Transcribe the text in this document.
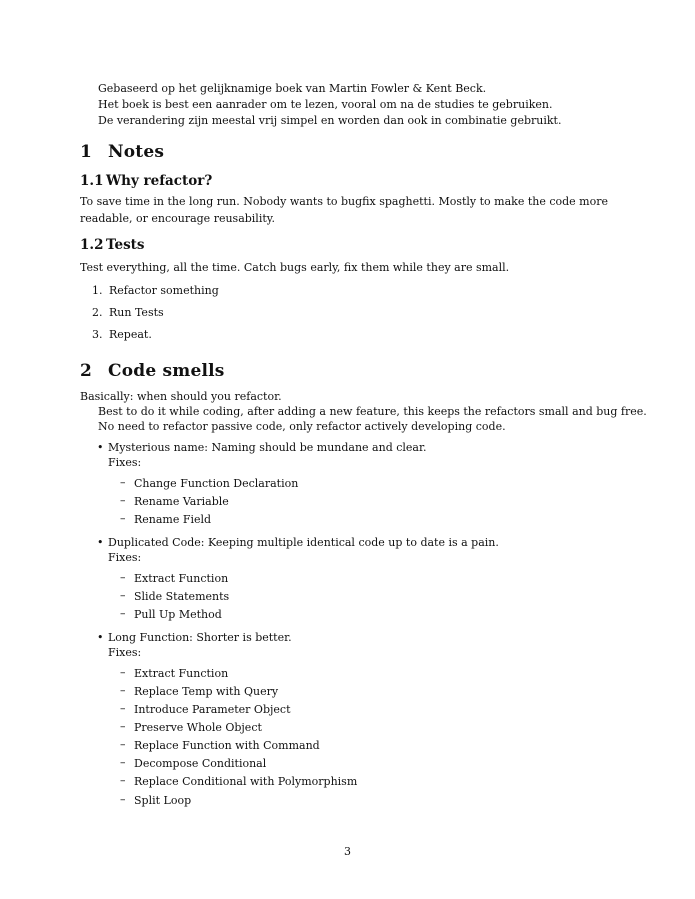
Gebaseerd op het gelijknamige boek van Martin Fowler & Kent Beck.
Het boek is best een aanrader om te lezen, vooral om na de studies te gebruiken.
De verandering zijn meestal vrij simpel en worden dan ook in combinatie gebruikt.
1 Notes
1.1 Why refactor?
To save time in the long run. Nobody wants to bugfix spaghetti. Mostly to make the code more readable, or encourage reusability.
1.2 Tests
Test everything, all the time. Catch bugs early, fix them while they are small.
1. Refactor something
2. Run Tests
3. Repeat.
2 Code smells
Basically: when should you refactor.
Best to do it while coding, after adding a new feature, this keeps the refactors small and bug free.
No need to refactor passive code, only refactor actively developing code.
• Mysterious name: Naming should be mundane and clear.
Fixes:
– Change Function Declaration
– Rename Variable
– Rename Field
• Duplicated Code: Keeping multiple identical code up to date is a pain.
Fixes:
– Extract Function
– Slide Statements
– Pull Up Method
• Long Function: Shorter is better.
Fixes:
– Extract Function
– Replace Temp with Query
– Introduce Parameter Object
– Preserve Whole Object
– Replace Function with Command
– Decompose Conditional
– Replace Conditional with Polymorphism
– Split Loop
3
